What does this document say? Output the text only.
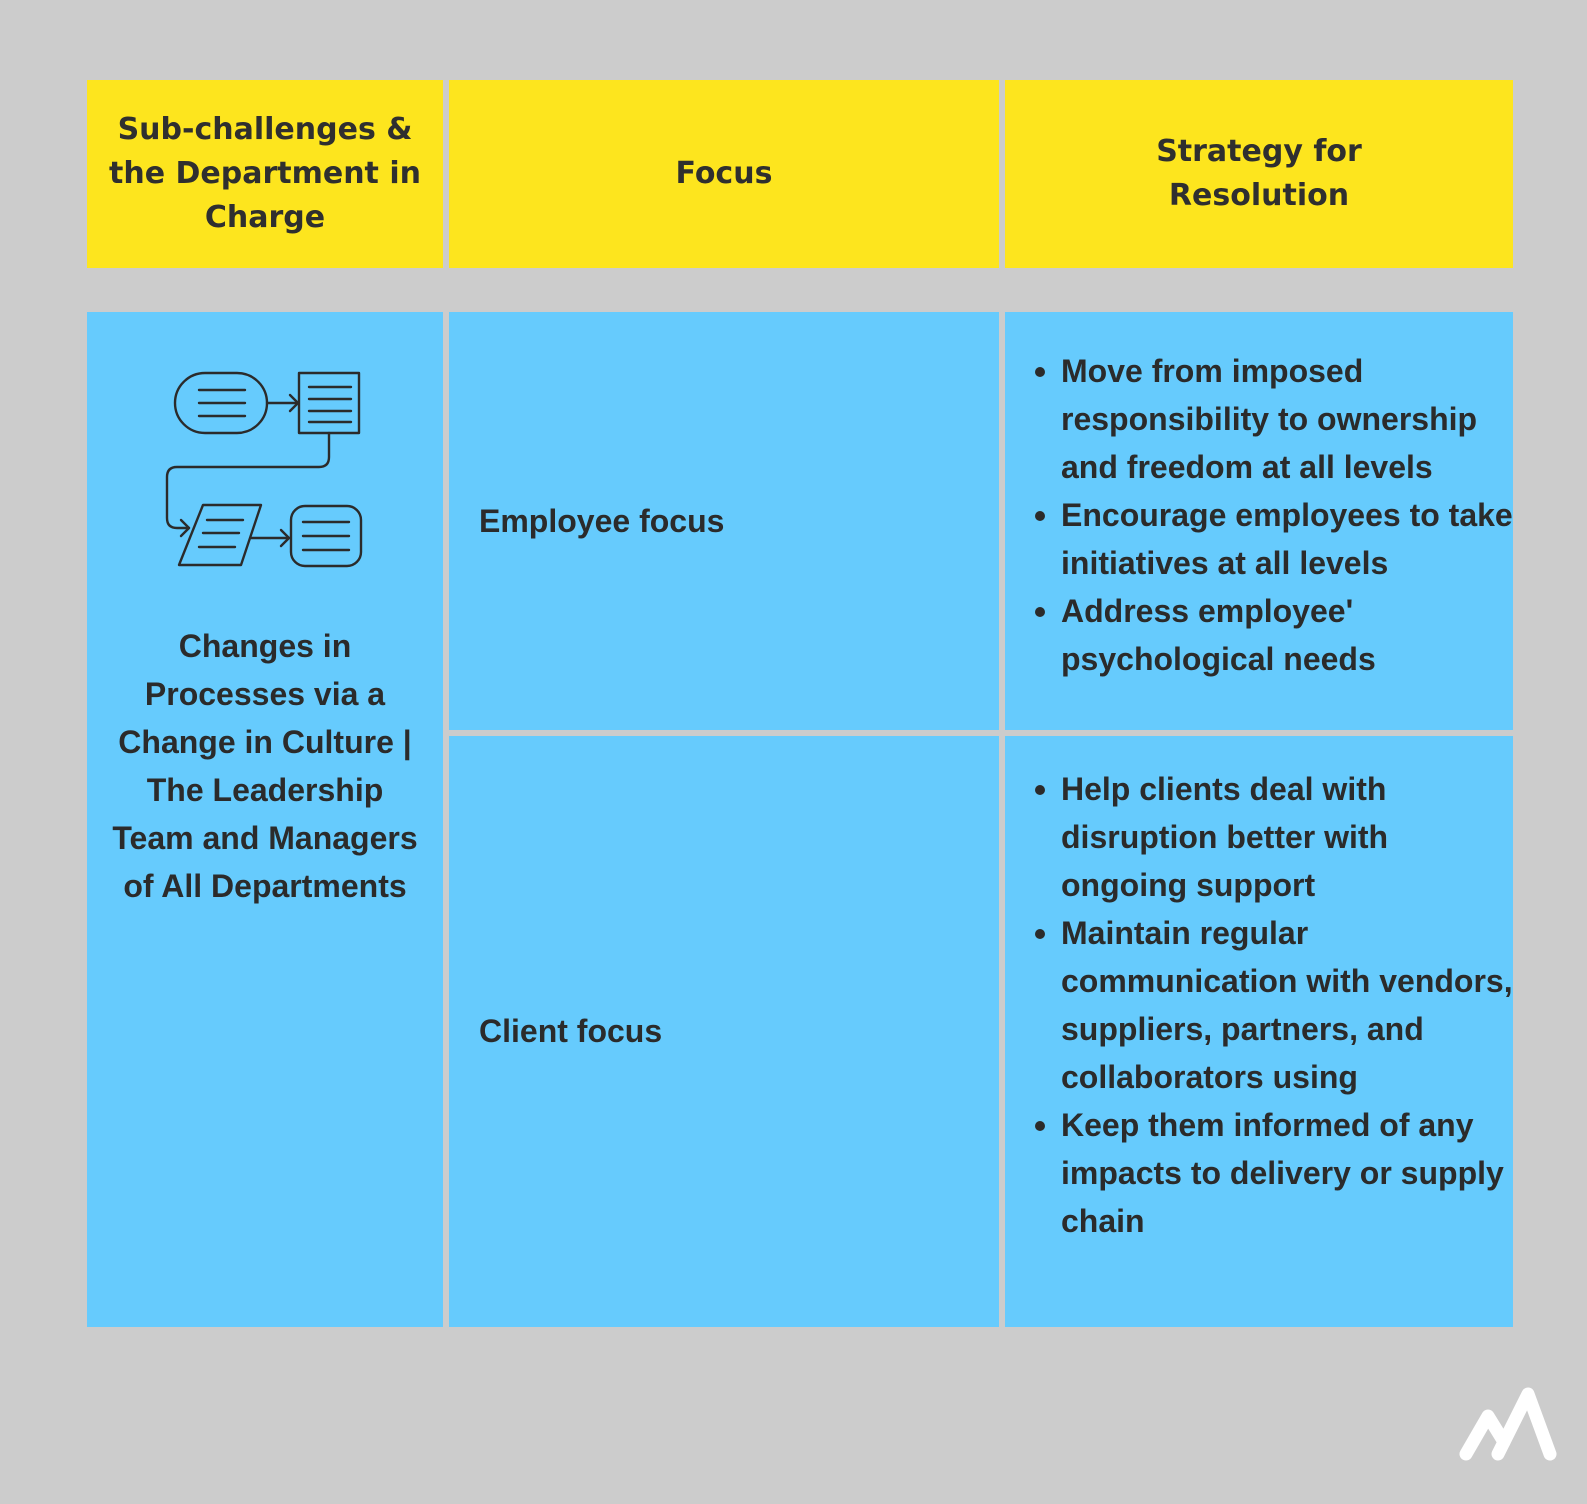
Sub-challenges & the Department in Charge
Focus
Strategy for Resolution
Changes in Processes via a Change in Culture | The Leadership Team and Managers of All Departments
Employee focus
Move from imposed responsibility to ownership and freedom at all levels
Encourage employees to take initiatives at all levels
Address employee' psychological needs
Client focus
Help clients deal with disruption better with ongoing support
Maintain regular communication with vendors, suppliers, partners, and collaborators using
Keep them informed of any impacts to delivery or supply chain
